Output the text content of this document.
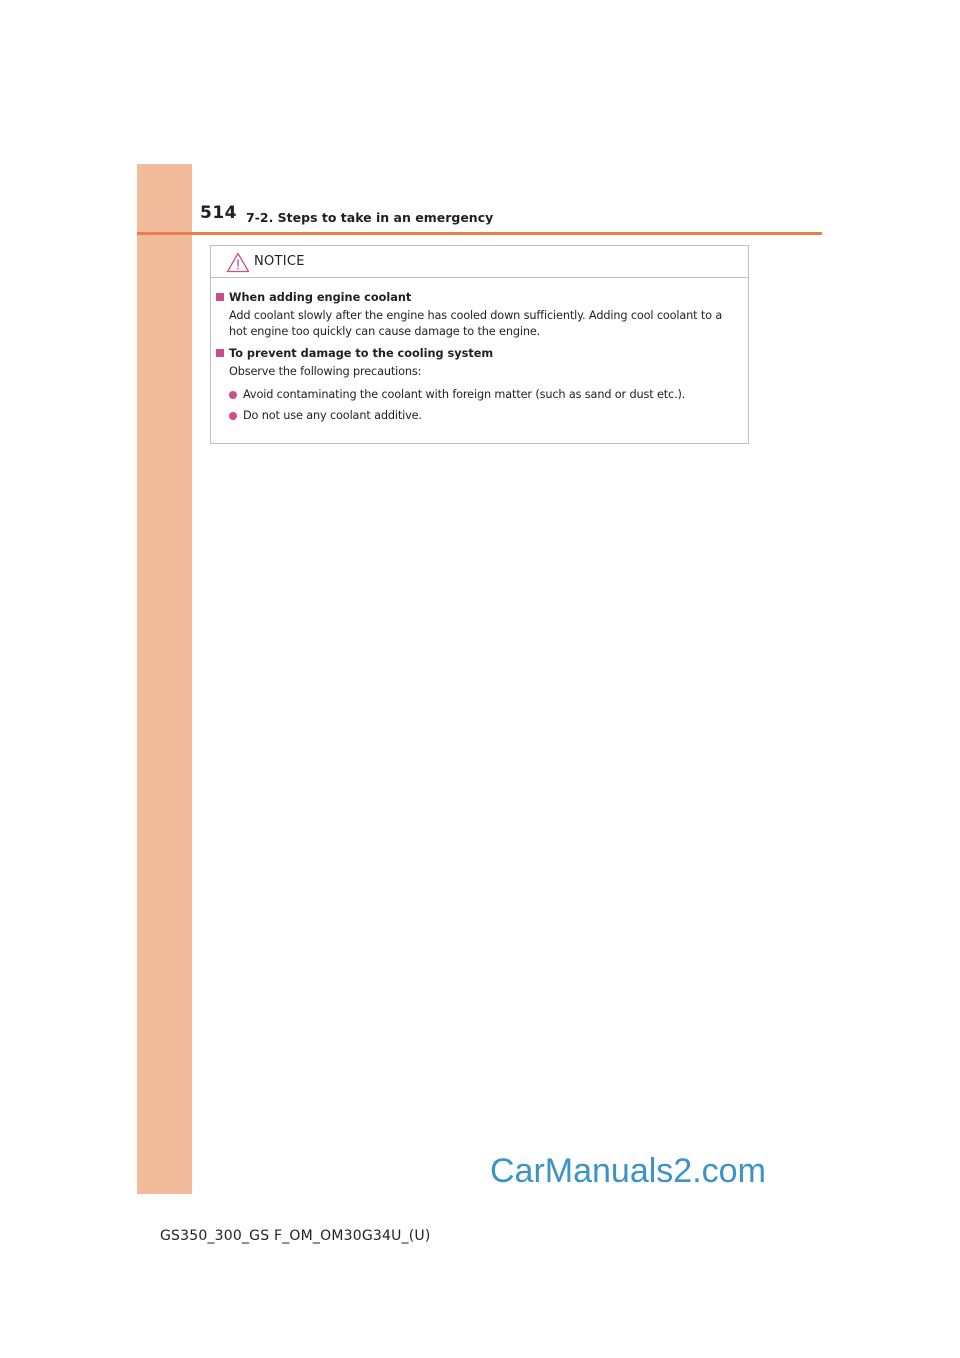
514 7-2. Steps to take in an emergency
NOTICE
When adding engine coolant
Add coolant slowly after the engine has cooled down sufficiently. Adding cool coolant to a hot engine too quickly can cause damage to the engine.
To prevent damage to the cooling system
Observe the following precautions:
Avoid contaminating the coolant with foreign matter (such as sand or dust etc.).
Do not use any coolant additive.
CarManuals2.com
GS350_300_GS F_OM_OM30G34U_(U)
